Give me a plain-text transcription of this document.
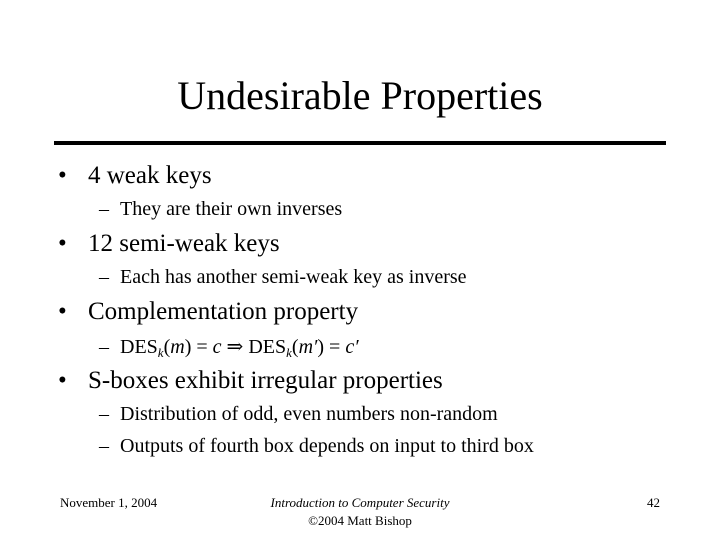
Undesirable Properties
• 4 weak keys
– They are their own inverses
• 12 semi-weak keys
– Each has another semi-weak key as inverse
• Complementation property
– $DES_k(m) = c$ ⇒ $DES_k(m') = c'$
• S-boxes exhibit irregular properties
– Distribution of odd, even numbers non-random
– Outputs of fourth box depends on input to third box
November 1, 2004	Introduction to Computer Security
©2004 Matt Bishop
42
